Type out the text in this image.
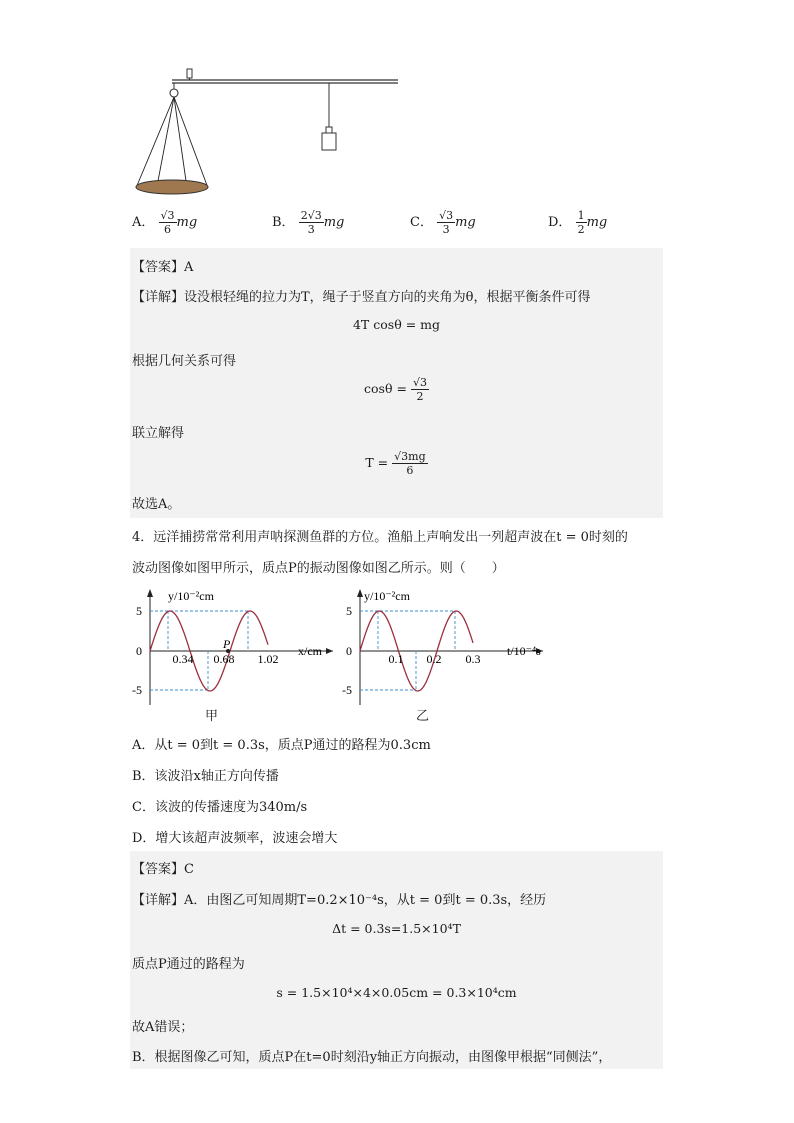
A． $\frac{√3}{6}$ mg	B． $\frac{2√3}{3}$ mg	C． $\frac{√3}{3}$ mg	D． $\frac{1}{2}$ mg
【答案】A
【详解】设没根轻绳的拉力为T，绳子于竖直方向的夹角为θ，根据平衡条件可得
4T cosθ = mg
根据几何关系可得
$\cos\theta = \frac{√3}{2}$
联立解得
$T = \frac{√3mg}{6}$
故选A。
4．远洋捕捞常常利用声呐探测鱼群的方位。渔船上声响发出一列超声波在t = 0时刻的
波动图像如图甲所示，质点P的振动图像如图乙所示。则（　　）
5
0
-5
0.34 0.68 1.02
P
y/10⁻²cm
x/cm
甲
5
0
-5
0.1 0.2 0.3
y/10⁻²cm
t/10⁻⁴s
乙
A．从t = 0到t = 0.3s，质点P通过的路程为0.3cm
B．该波沿x轴正方向传播
C．该波的传播速度为340m/s
D．增大该超声波频率，波速会增大
【答案】C
【详解】A．由图乙可知周期T=0.2×10⁻⁴s，从t = 0到t = 0.3s，经历
Δt = 0.3s=1.5×10⁴T
质点P通过的路程为
s = 1.5×10⁴×4×0.05cm = 0.3×10⁴cm
故A错误；
B．根据图像乙可知，质点P在t=0时刻沿y轴正方向振动，由图像甲根据“同侧法”，
